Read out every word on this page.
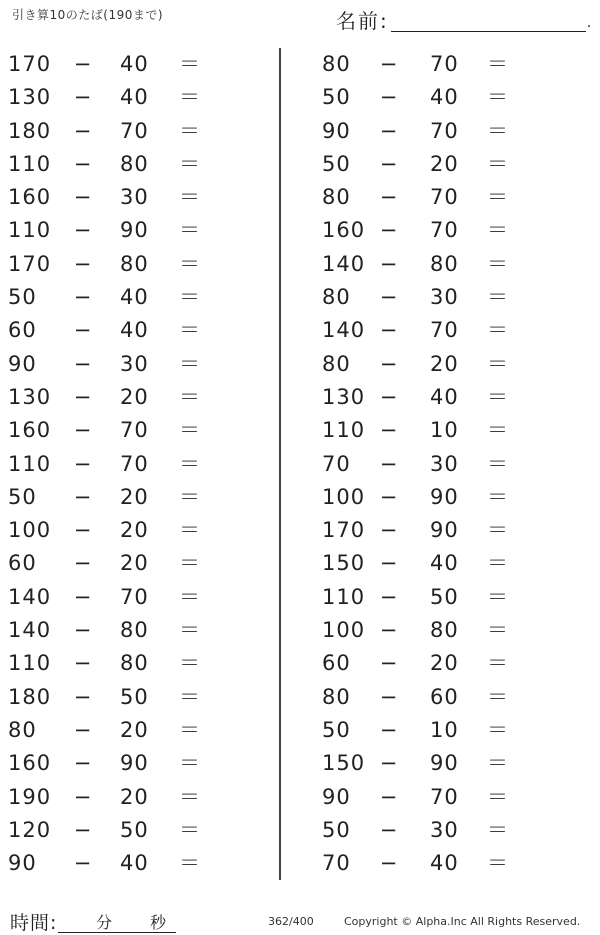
引き算10のたば(190まで)	名前:	.
170	− 40	＝
130	− 40	＝
180	− 70	＝
110	− 80	＝
160	− 30	＝
110	− 90	＝
170	− 80	＝
50	− 40	＝
60	− 40	＝
90	− 30	＝
130	− 20	＝
160	− 70	＝
110	− 70	＝
50	− 20	＝
100	− 20	＝
60	− 20	＝
140	− 70	＝
140	− 80	＝
110	− 80	＝
180	− 50	＝
80	− 20	＝
160	− 90	＝
190	− 20	＝
120	− 50	＝
90	− 40	＝
80	− 70	＝
50	− 40	＝
90	− 70	＝
50	− 20	＝
80	− 70	＝
160 − 70	＝
140 − 80	＝
80	− 30	＝
140 − 70	＝
80	− 20	＝
130 − 40	＝
110 − 10	＝
70	− 30	＝
100 − 90	＝
170 − 90	＝
150 − 40	＝
110 − 50	＝
100 − 80	＝
60	− 20	＝
80	− 60	＝
50	− 10	＝
150 − 90	＝
90	− 70	＝
50	− 30	＝
70	− 40	＝
時間: 分 秒	362/400	Copyright © Alpha.Inc All Rights Reserved.
